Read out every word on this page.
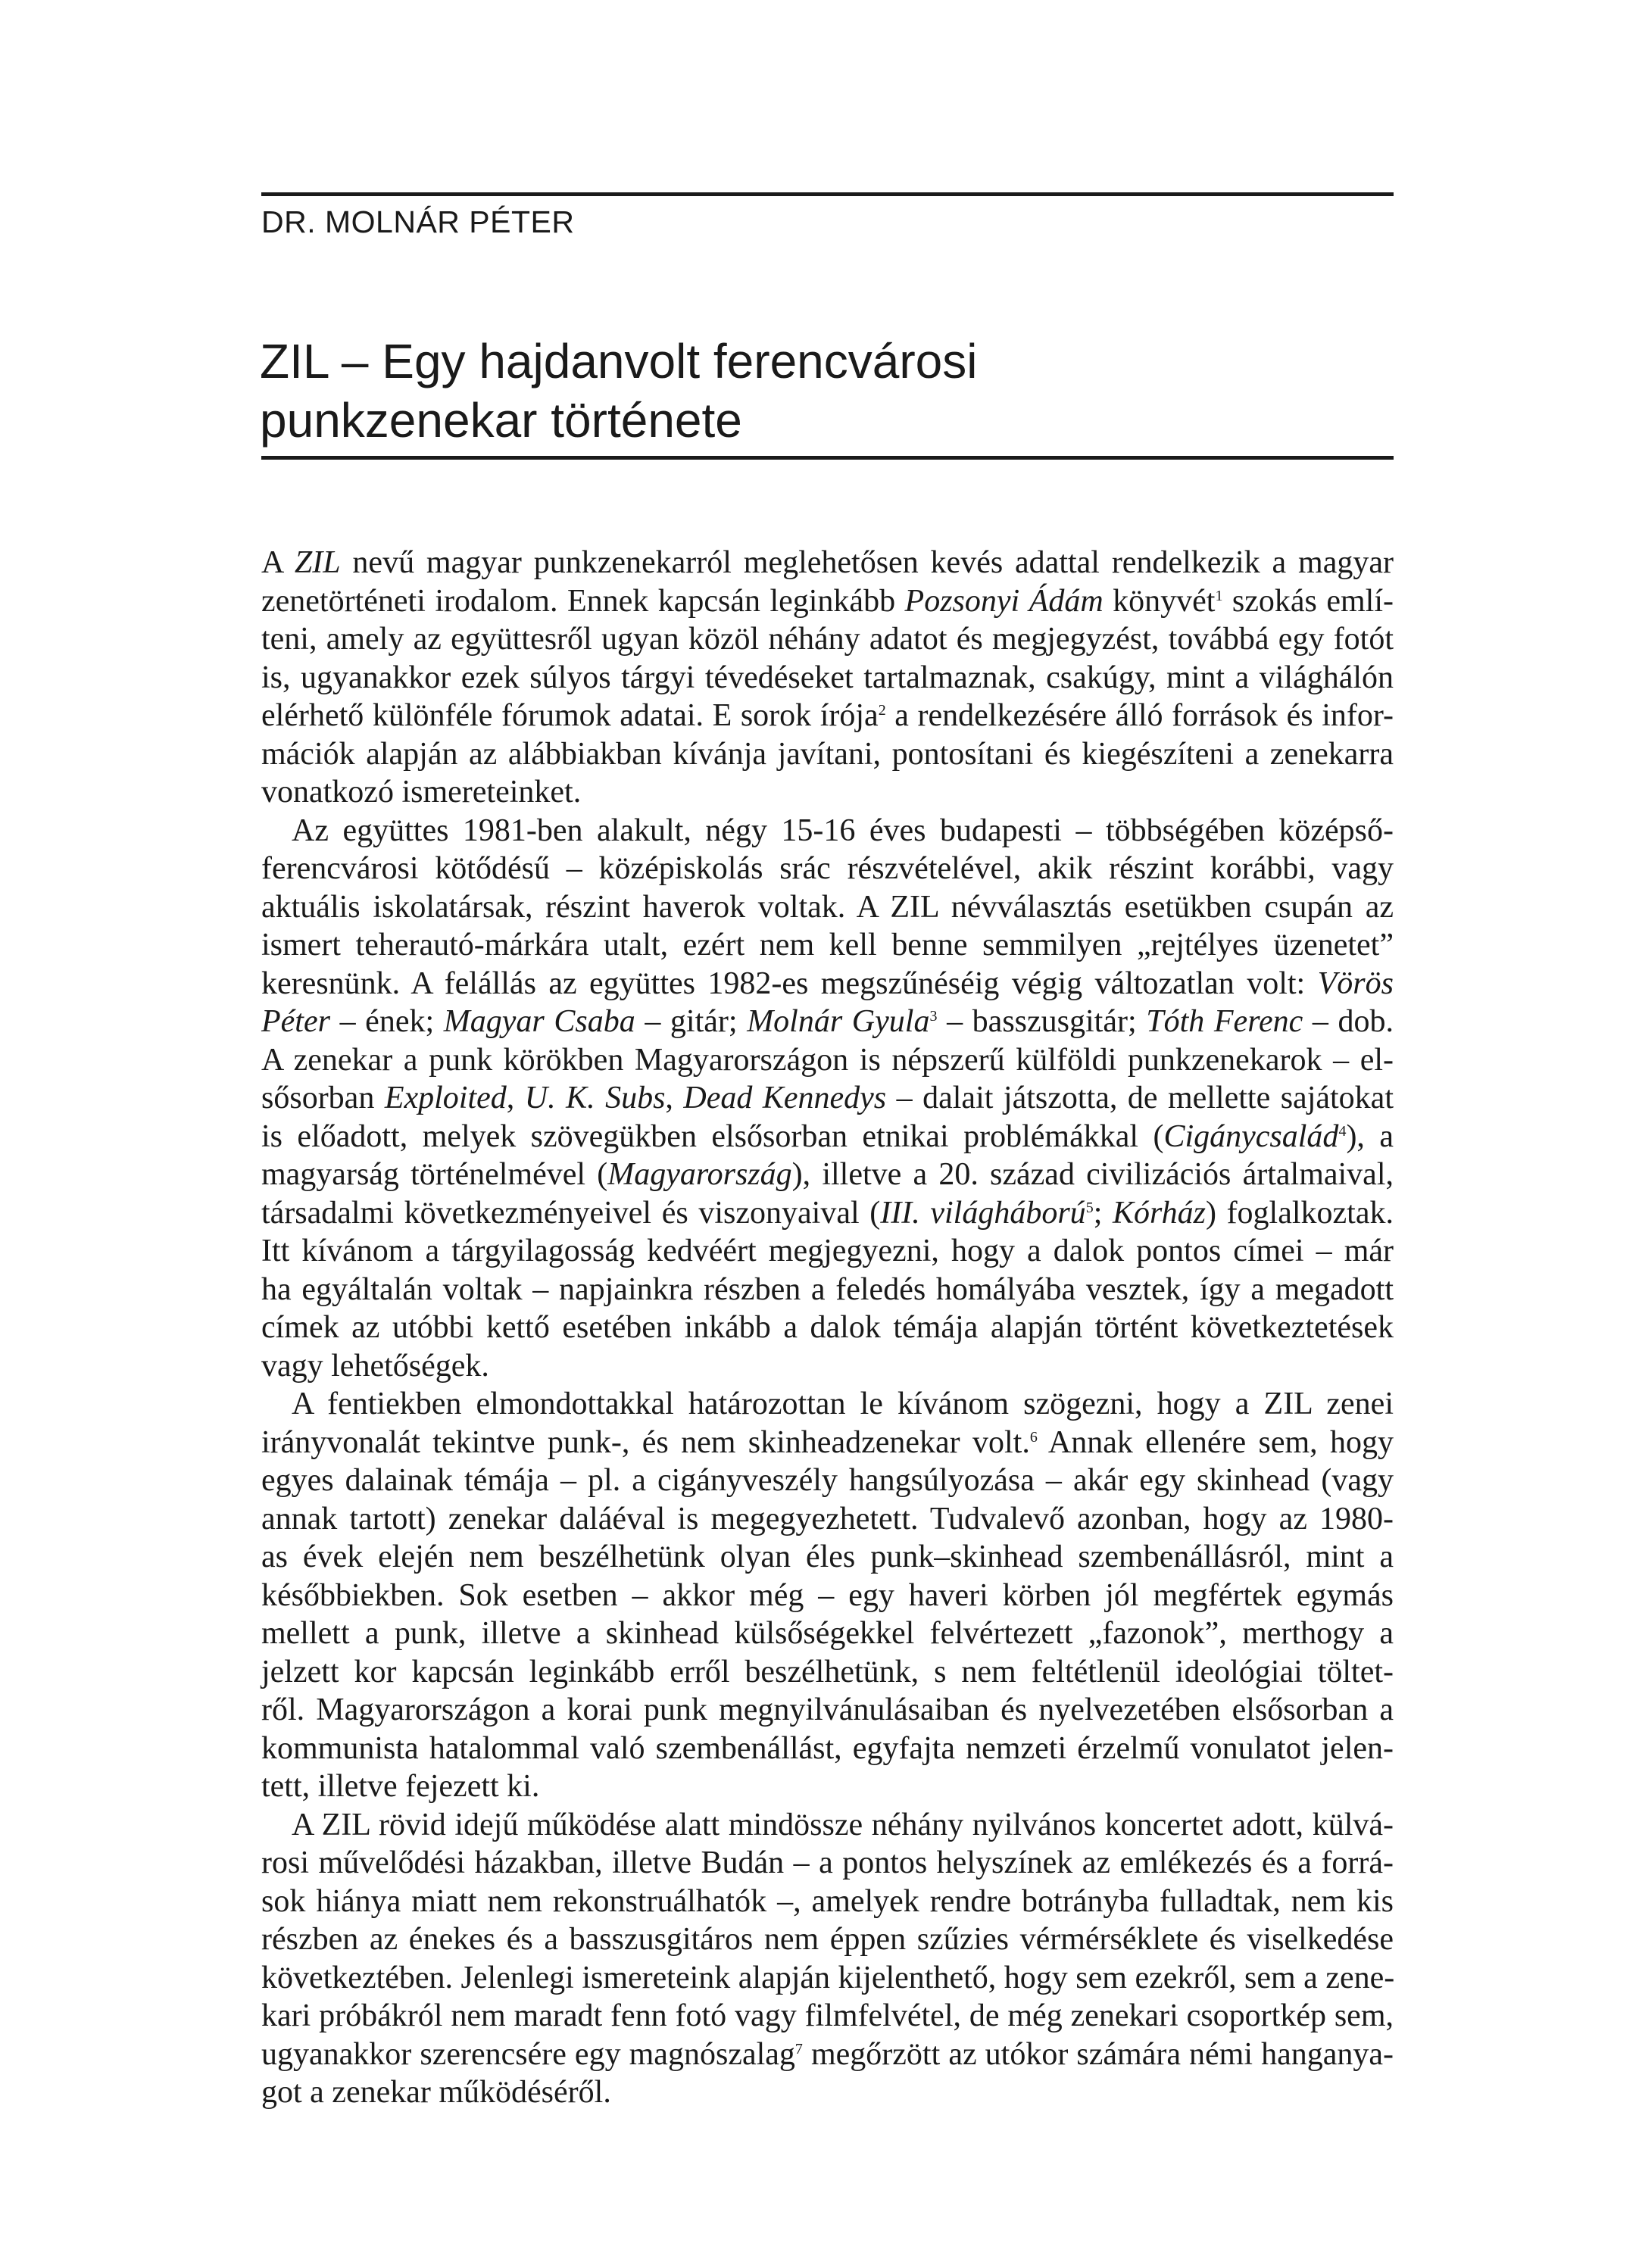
DR. MOLNÁR PÉTER
ZIL – Egy hajdanvolt ferencvárosi
punkzenekar története
A ZIL nevű magyar punkzenekarról meglehetősen kevés adattal rendelkezik a magyar
zenetörténeti irodalom. Ennek kapcsán leginkább Pozsonyi Ádám könyvét$^1$ szokás emlí-
teni, amely az együttesről ugyan közöl néhány adatot és megjegyzést, továbbá egy fotót
is, ugyanakkor ezek súlyos tárgyi tévedéseket tartalmaznak, csakúgy, mint a világhálón
elérhető különféle fórumok adatai. E sorok írója$^2$ a rendelkezésére álló források és infor-
mációk alapján az alábbiakban kívánja javítani, pontosítani és kiegészíteni a zenekarra
vonatkozó ismereteinket.
Az együttes 1981-ben alakult, négy 15-16 éves budapesti – többségében középső-
ferencvárosi kötődésű – középiskolás srác részvételével, akik részint korábbi, vagy
aktuális iskolatársak, részint haverok voltak. A ZIL névválasztás esetükben csupán az
ismert teherautó-márkára utalt, ezért nem kell benne semmilyen „rejtélyes üzenetet”
keresnünk. A felállás az együttes 1982-es megszűnéséig végig változatlan volt: Vörös
Péter – ének; Magyar Csaba – gitár; Molnár Gyula$^3$ – basszusgitár; Tóth Ferenc – dob.
A zenekar a punk körökben Magyarországon is népszerű külföldi punkzenekarok – el-
sősorban Exploited, U. K. Subs, Dead Kennedys – dalait játszotta, de mellette sajátokat
is előadott, melyek szövegükben elsősorban etnikai problémákkal (Cigánycsalád$^4$), a
magyarság történelmével (Magyarország), illetve a 20. század civilizációs ártalmaival,
társadalmi következményeivel és viszonyaival (III. világháború$^5$; Kórház) foglalkoztak.
Itt kívánom a tárgyilagosság kedvéért megjegyezni, hogy a dalok pontos címei – már
ha egyáltalán voltak – napjainkra részben a feledés homályába vesztek, így a megadott
címek az utóbbi kettő esetében inkább a dalok témája alapján történt következtetések
vagy lehetőségek.
A fentiekben elmondottakkal határozottan le kívánom szögezni, hogy a ZIL zenei
irányvonalát tekintve punk-, és nem skinheadzenekar volt.$^6$ Annak ellenére sem, hogy
egyes dalainak témája – pl. a cigányveszély hangsúlyozása – akár egy skinhead (vagy
annak tartott) zenekar daláéval is megegyezhetett. Tudvalevő azonban, hogy az 1980-
as évek elején nem beszélhetünk olyan éles punk–skinhead szembenállásról, mint a
későbbiekben. Sok esetben – akkor még – egy haveri körben jól megfértek egymás
mellett a punk, illetve a skinhead külsőségekkel felvértezett „fazonok”, merthogy a
jelzett kor kapcsán leginkább erről beszélhetünk, s nem feltétlenül ideológiai töltet-
ről. Magyarországon a korai punk megnyilvánulásaiban és nyelvezetében elsősorban a
kommunista hatalommal való szembenállást, egyfajta nemzeti érzelmű vonulatot jelen-
tett, illetve fejezett ki.
A ZIL rövid idejű működése alatt mindössze néhány nyilvános koncertet adott, külvá-
rosi művelődési házakban, illetve Budán – a pontos helyszínek az emlékezés és a forrá-
sok hiánya miatt nem rekonstruálhatók –, amelyek rendre botrányba fulladtak, nem kis
részben az énekes és a basszusgitáros nem éppen szűzies vérmérséklete és viselkedése
következtében. Jelenlegi ismereteink alapján kijelenthető, hogy sem ezekről, sem a zene-
kari próbákról nem maradt fenn fotó vagy filmfelvétel, de még zenekari csoportkép sem,
ugyanakkor szerencsére egy magnószalag$^7$ megőrzött az utókor számára némi hanganya-
got a zenekar működéséről.
